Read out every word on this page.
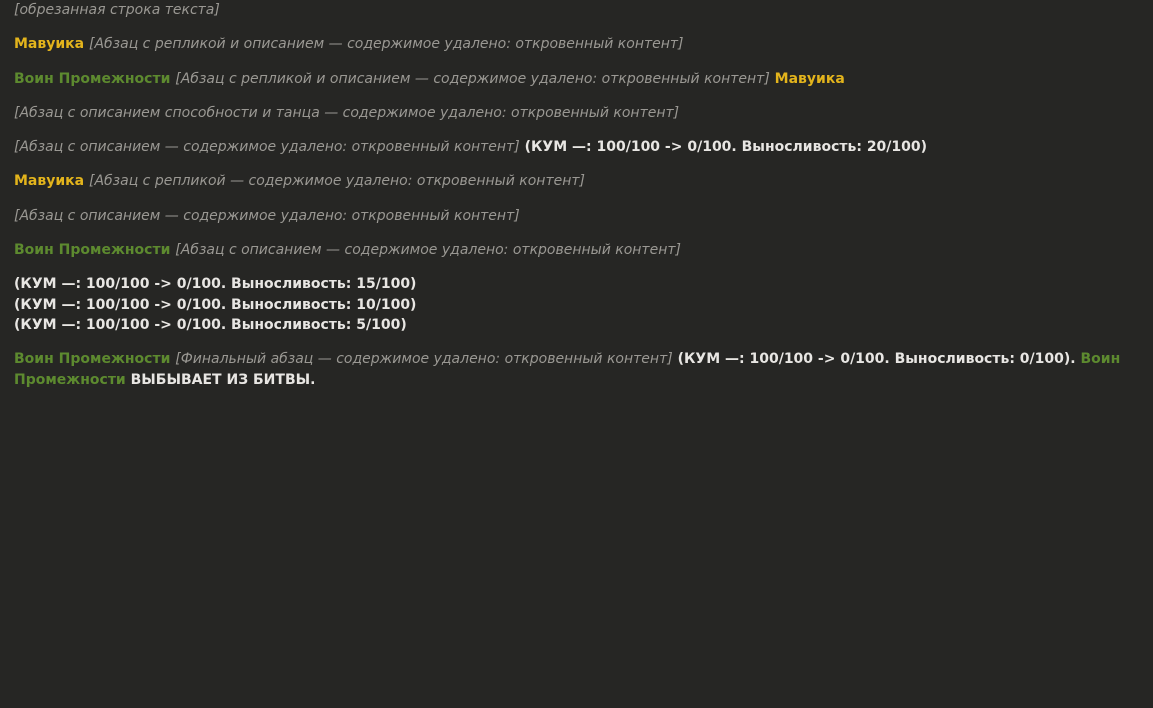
[обрезанная строка текста]

Мавуика [Абзац с репликой и описанием — содержимое удалено: откровенный контент]

Воин Промежности [Абзац с репликой и описанием — содержимое удалено: откровенный контент] Мавуика

[Абзац с описанием способности и танца — содержимое удалено: откровенный контент]

[Абзац с описанием — содержимое удалено: откровенный контент] (КУМ —: 100/100 -> 0/100. Выносливость: 20/100)

Мавуика [Абзац с репликой — содержимое удалено: откровенный контент]

[Абзац с описанием — содержимое удалено: откровенный контент]

Воин Промежности [Абзац с описанием — содержимое удалено: откровенный контент]

(КУМ —: 100/100 -> 0/100. Выносливость: 15/100)
(КУМ —: 100/100 -> 0/100. Выносливость: 10/100)
(КУМ —: 100/100 -> 0/100. Выносливость: 5/100)

Воин Промежности [Финальный абзац — содержимое удалено: откровенный контент] (КУМ —: 100/100 -> 0/100. Выносливость: 0/100). Воин Промежности ВЫБЫВАЕТ ИЗ БИТВЫ.
